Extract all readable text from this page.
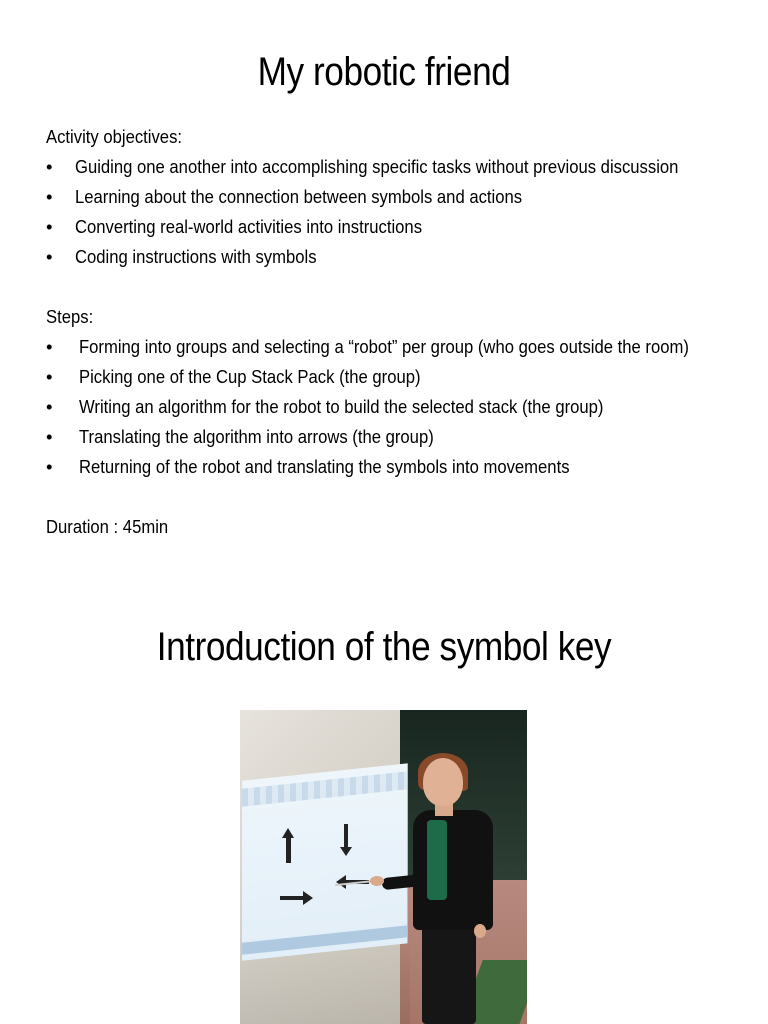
My robotic friend
Activity objectives:
• Guiding one another into accomplishing specific tasks without previous discussion
• Learning about the connection between symbols and actions
• Converting real-world activities into instructions
• Coding instructions with symbols
Steps:
• Forming into groups and selecting a “robot” per group (who goes outside the room)
• Picking one of the Cup Stack Pack (the group)
• Writing an algorithm for the robot to build the selected stack (the group)
• Translating the algorithm into arrows (the group)
• Returning of the robot and translating the symbols into movements
Duration : 45min
Introduction of the symbol key
